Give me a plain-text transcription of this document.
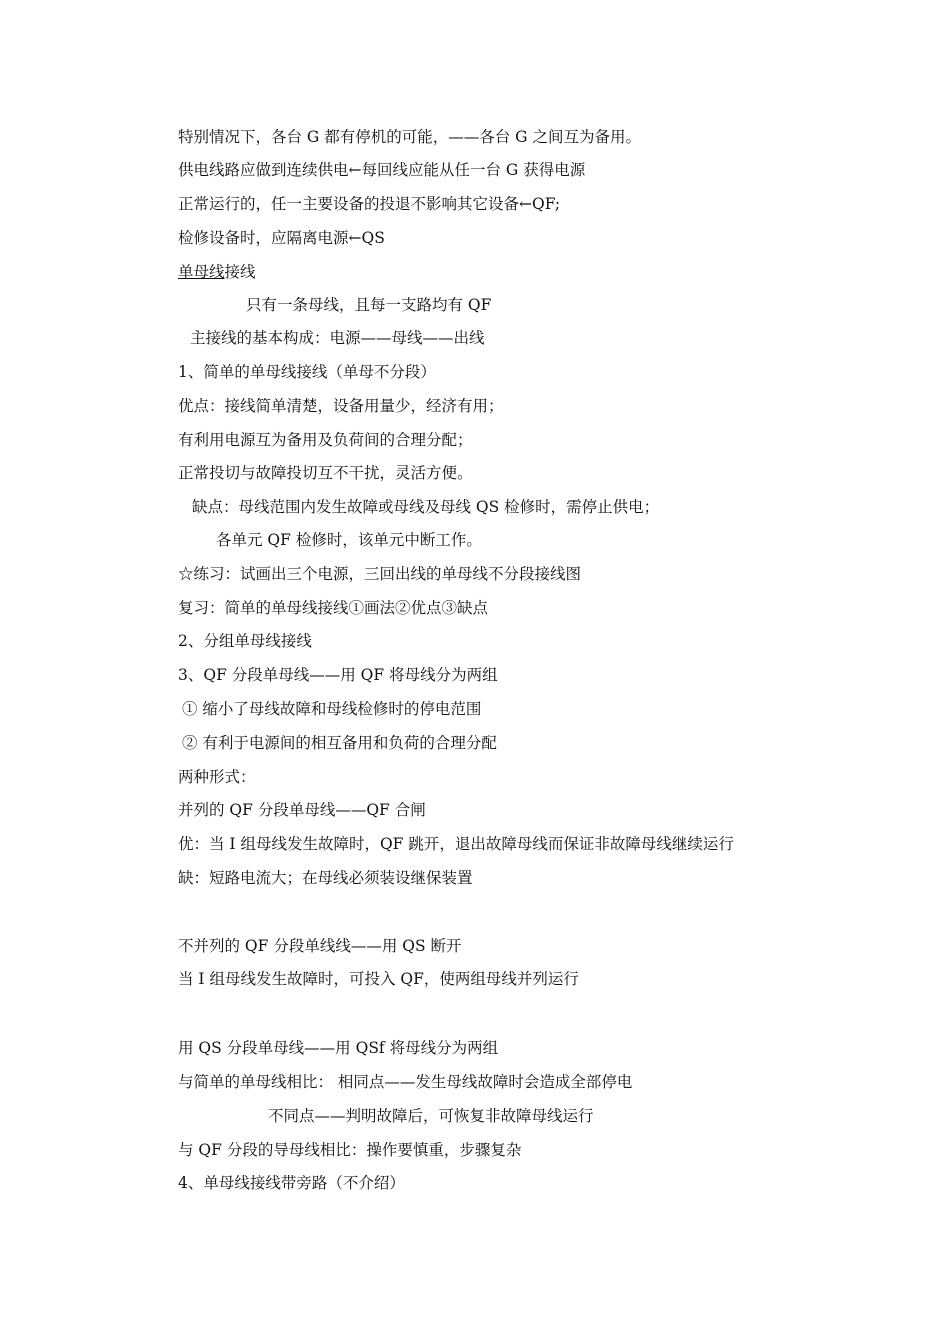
特别情况下，各台 G 都有停机的可能，——各台 G 之间互为备用。
供电线路应做到连续供电←每回线应能从任一台 G 获得电源
正常运行的，任一主要设备的投退不影响其它设备←QF;
检修设备时，应隔离电源←QS
单母线接线
只有一条母线，且每一支路均有 QF
主接线的基本构成：电源——母线——出线
1、简单的单母线接线（单母不分段）
优点：接线简单清楚，设备用量少，经济有用；
有利用电源互为备用及负荷间的合理分配；
正常投切与故障投切互不干扰，灵活方便。
缺点：母线范围内发生故障或母线及母线 QS 检修时，需停止供电；
各单元 QF 检修时，该单元中断工作。
☆练习：试画出三个电源，三回出线的单母线不分段接线图
复习：简单的单母线接线①画法②优点③缺点
2、分组单母线接线
3、QF 分段单母线——用 QF 将母线分为两组
① 缩小了母线故障和母线检修时的停电范围
② 有利于电源间的相互备用和负荷的合理分配
两种形式：
并列的 QF 分段单母线——QF 合闸
优：当 I 组母线发生故障时，QF 跳开，退出故障母线而保证非故障母线继续运行
缺：短路电流大；在母线必须装设继保装置
不并列的 QF 分段单线线——用 QS 断开
当 I 组母线发生故障时，可投入 QF，使两组母线并列运行
用 QS 分段单母线——用 QSf 将母线分为两组
与简单的单母线相比： 相同点——发生母线故障时会造成全部停电
不同点——判明故障后，可恢复非故障母线运行
与 QF 分段的导母线相比：操作要慎重，步骤复杂
4、单母线接线带旁路（不介绍）
